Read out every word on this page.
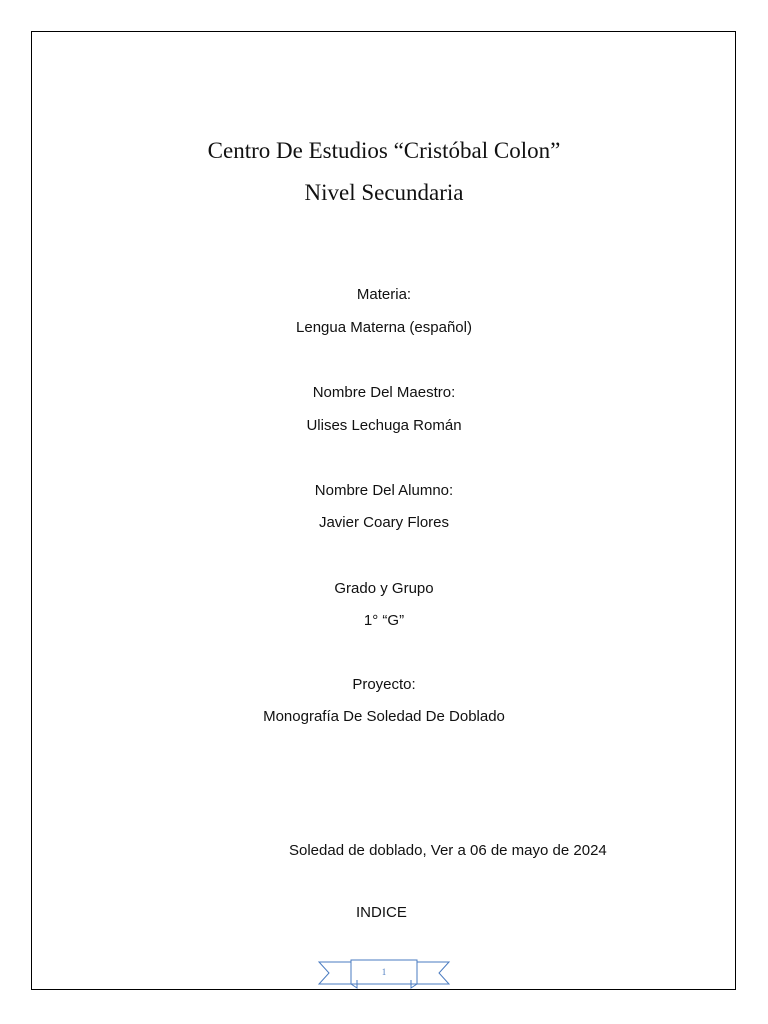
Centro De Estudios “Cristóbal Colon”
Nivel Secundaria
Materia:
Lengua Materna (español)
Nombre Del Maestro:
Ulises Lechuga Román
Nombre Del Alumno:
Javier Coary Flores
Grado y Grupo
1° “G”
Proyecto:
Monografía De Soledad De Doblado
Soledad de doblado, Ver a 06 de mayo de 2024
INDICE
1
